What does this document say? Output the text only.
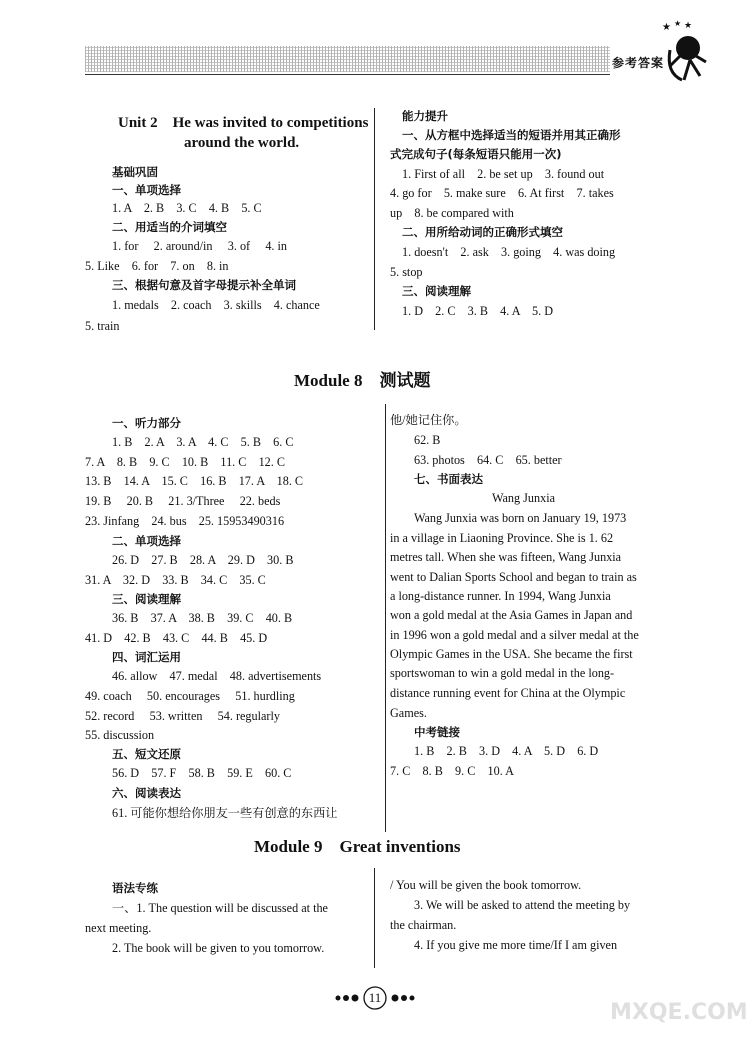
参考答案
★ ★ ★
Unit 2　He was invited to competitions
around the world.
基础巩固
一、单项选择
1. A　2. B　3. C　4. B　5. C
二、用适当的介词填空
1. for　 2. around/in　 3. of　 4. in
5. Like　6. for　7. on　8. in
三、根据句意及首字母提示补全单词
1. medals　2. coach　3. skills　4. chance
5. train
能力提升
一、从方框中选择适当的短语并用其正确形
式完成句子(每条短语只能用一次)
1. First of all　2. be set up　3. found out
4. go for　5. make sure　6. At first　7. takes
up　8. be compared with
二、用所给动词的正确形式填空
1. doesn't　2. ask　3. going　4. was doing
5. stop
三、阅读理解
1. D　2. C　3. B　4. A　5. D
Module 8　测试题
一、听力部分
1. B　2. A　3. A　4. C　5. B　6. C
7. A　8. B　9. C　10. B　11. C　12. C
13. B　14. A　15. C　16. B　17. A　18. C
19. B　 20. B　 21. 3/Three　 22. beds
23. Jinfang　24. bus　25. 15953490316
二、单项选择
26. D　27. B　28. A　29. D　30. B
31. A　32. D　33. B　34. C　35. C
三、阅读理解
36. B　37. A　38. B　39. C　40. B
41. D　42. B　43. C　44. B　45. D
四、词汇运用
46. allow　47. medal　48. advertisements
49. coach　 50. encourages　 51. hurdling
52. record　 53. written　 54. regularly
55. discussion
五、短文还原
56. D　57. F　58. B　59. E　60. C
六、阅读表达
61. 可能你想给你朋友一些有创意的东西让
他/她记住你。
62. B
63. photos　64. C　65. better
七、书面表达
Wang Junxia
Wang Junxia was born on January 19, 1973
in a village in Liaoning Province. She is 1. 62
metres tall. When she was fifteen, Wang Junxia
went to Dalian Sports School and began to train as
a long-distance runner. In 1994, Wang Junxia
won a gold medal at the Asia Games in Japan and
in 1996 won a gold medal and a silver medal at the
Olympic Games in the USA. She became the first
sportswoman to win a gold medal in the long-
distance running event for China at the Olympic
Games.
中考链接
1. B　2. B　3. D　4. A　5. D　6. D
7. C　8. B　9. C　10. A
Module 9　Great inventions
语法专练
一、1. The question will be discussed at the
next meeting.
2. The book will be given to you tomorrow.
/ You will be given the book tomorrow.
3. We will be asked to attend the meeting by
the chairman.
4. If you give me more time/If I am given
11
MXQE.COM
